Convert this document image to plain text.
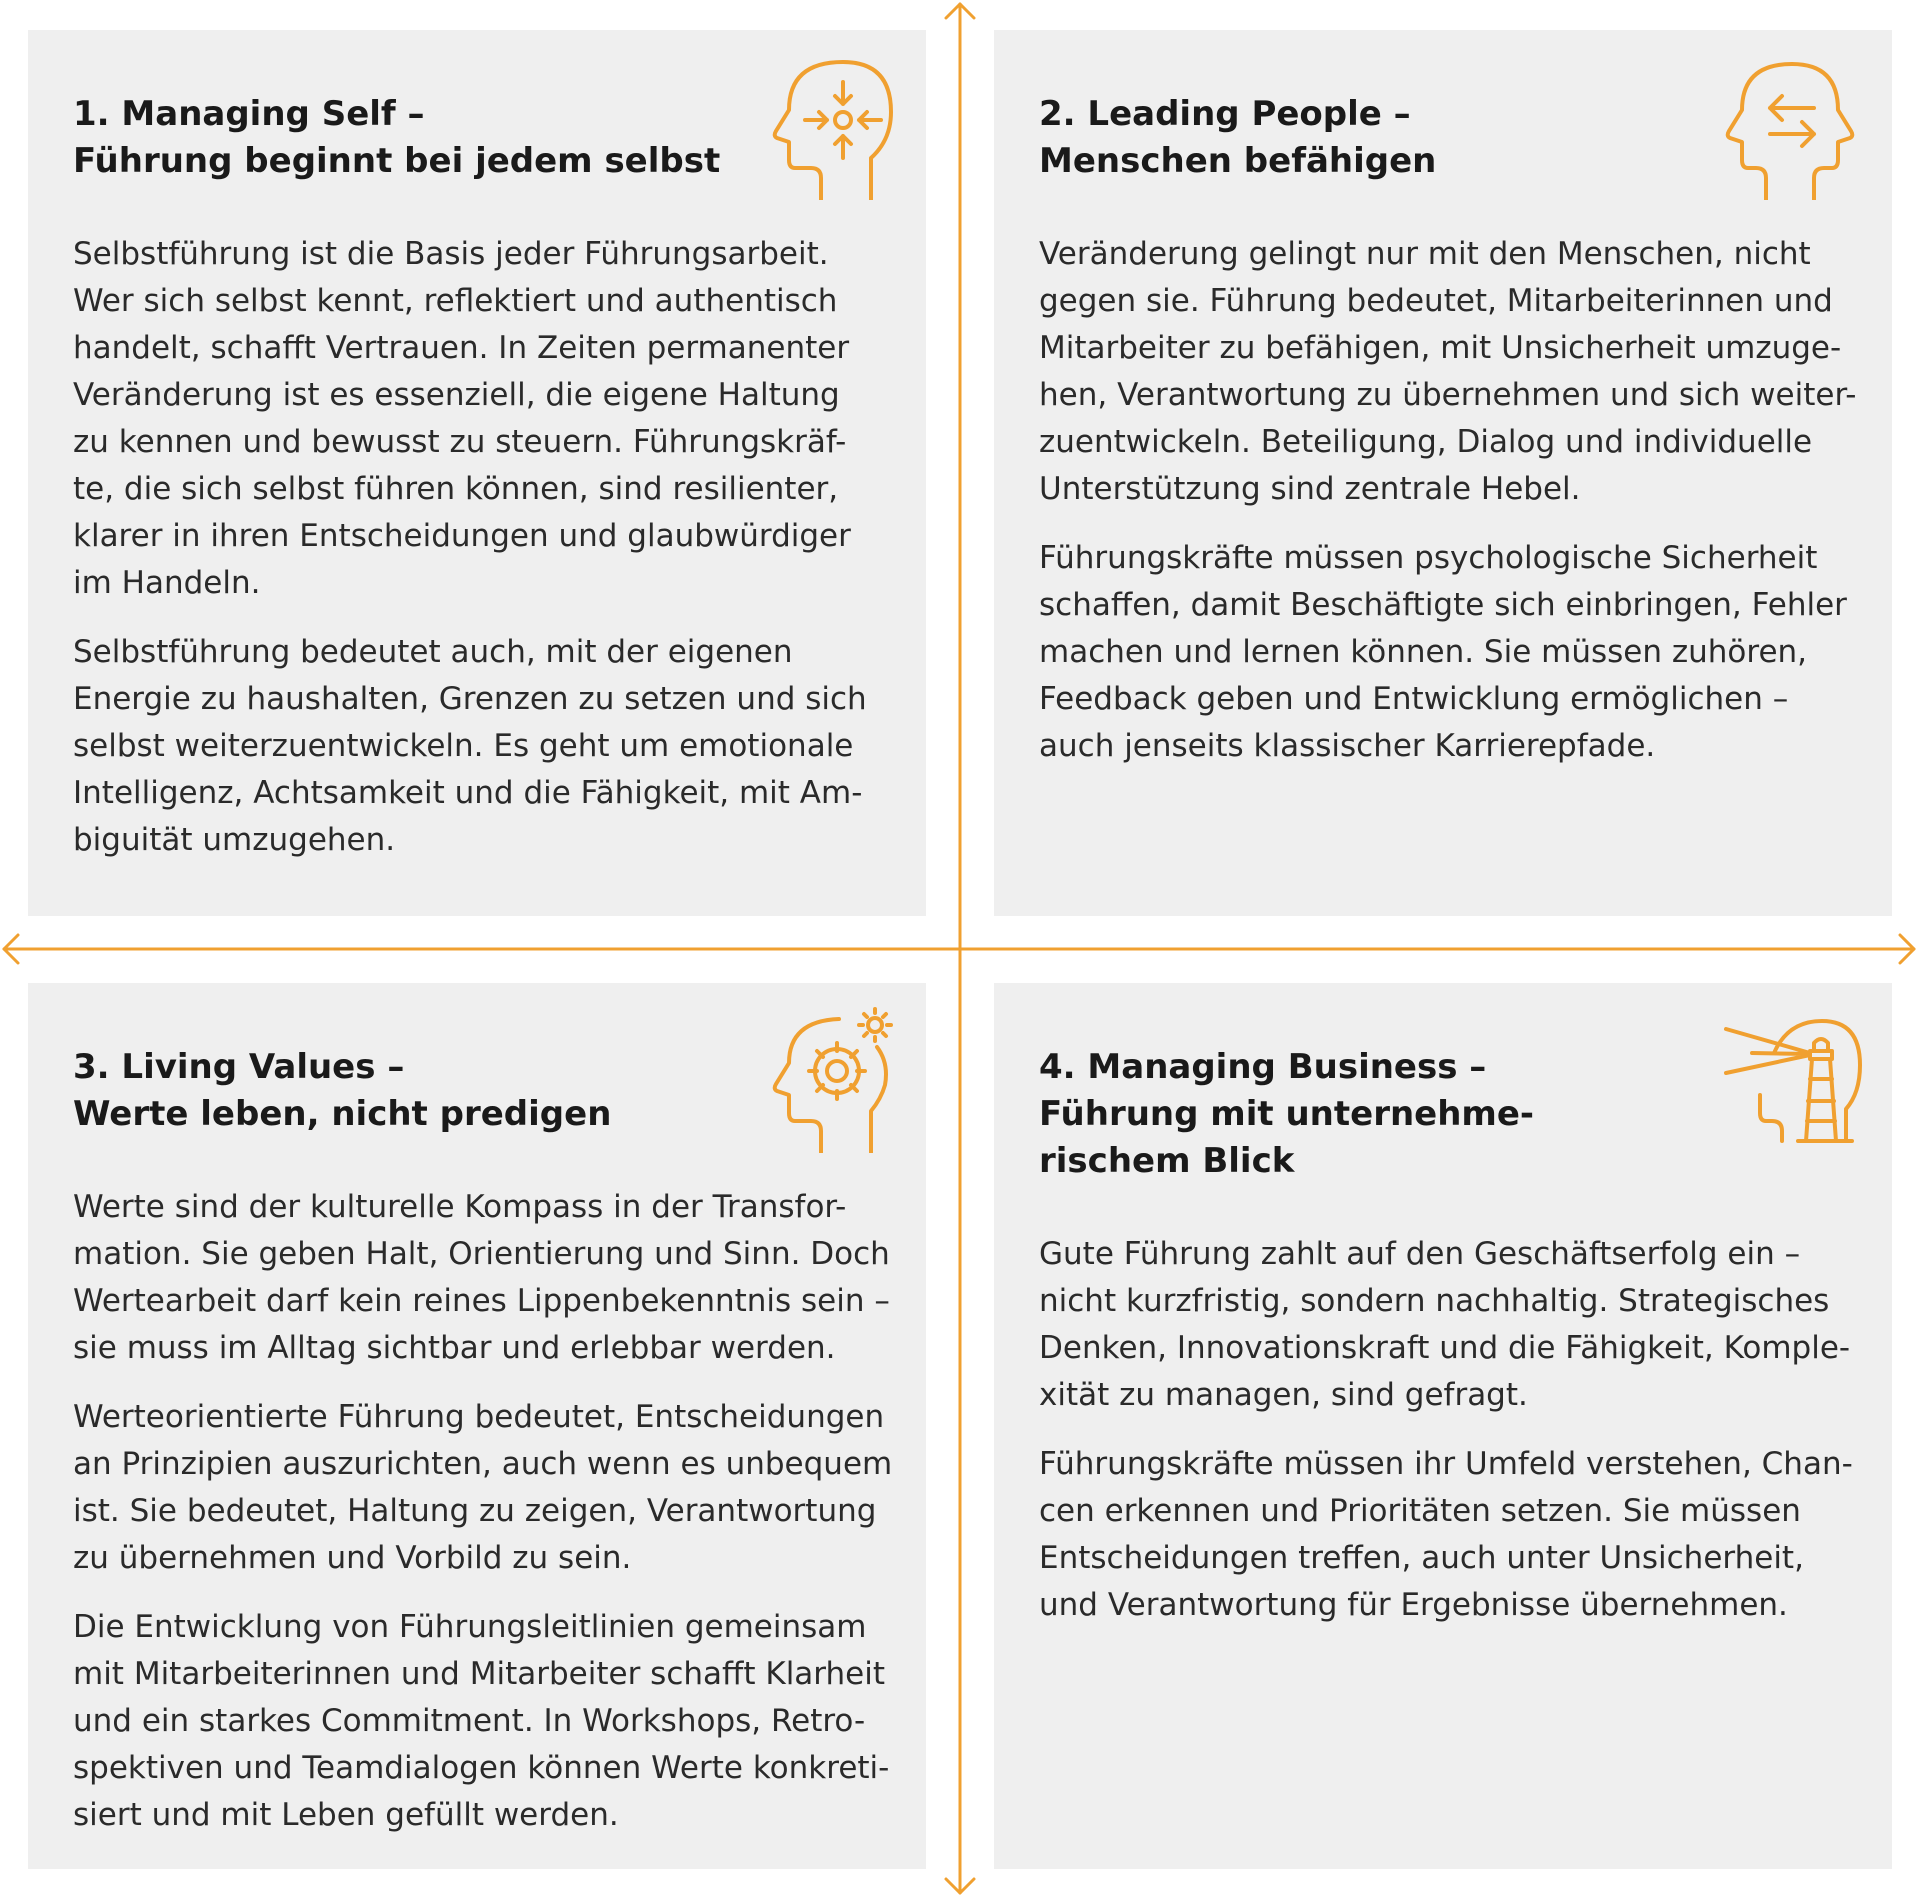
1. Managing Self –
Führung beginnt bei jedem selbst

Selbstführung ist die Basis jeder Führungsarbeit.
Wer sich selbst kennt, reflektiert und authentisch
handelt, schafft Vertrauen. In Zeiten permanenter
Veränderung ist es essenziell, die eigene Haltung
zu kennen und bewusst zu steuern. Führungskräf-
te, die sich selbst führen können, sind resilienter,
klarer in ihren Entscheidungen und glaubwürdiger
im Handeln.

Selbstführung bedeutet auch, mit der eigenen
Energie zu haushalten, Grenzen zu setzen und sich
selbst weiterzuentwickeln. Es geht um emotionale
Intelligenz, Achtsamkeit und die Fähigkeit, mit Am-
biguität umzugehen.

2. Leading People –
Menschen befähigen

Veränderung gelingt nur mit den Menschen, nicht
gegen sie. Führung bedeutet, Mitarbeiterinnen und
Mitarbeiter zu befähigen, mit Unsicherheit umzuge-
hen, Verantwortung zu übernehmen und sich weiter-
zuentwickeln. Beteiligung, Dialog und individuelle
Unterstützung sind zentrale Hebel.

Führungskräfte müssen psychologische Sicherheit
schaffen, damit Beschäftigte sich einbringen, Fehler
machen und lernen können. Sie müssen zuhören,
Feedback geben und Entwicklung ermöglichen –
auch jenseits klassischer Karrierepfade.

3. Living Values –
Werte leben, nicht predigen

Werte sind der kulturelle Kompass in der Transfor-
mation. Sie geben Halt, Orientierung und Sinn. Doch
Wertearbeit darf kein reines Lippenbekenntnis sein –
sie muss im Alltag sichtbar und erlebbar werden.

Werteorientierte Führung bedeutet, Entscheidungen
an Prinzipien auszurichten, auch wenn es unbequem
ist. Sie bedeutet, Haltung zu zeigen, Verantwortung
zu übernehmen und Vorbild zu sein.

Die Entwicklung von Führungsleitlinien gemeinsam
mit Mitarbeiterinnen und Mitarbeiter schafft Klarheit
und ein starkes Commitment. In Workshops, Retro-
spektiven und Teamdialogen können Werte konkreti-
siert und mit Leben gefüllt werden.

4. Managing Business –
Führung mit unternehme-
rischem Blick

Gute Führung zahlt auf den Geschäftserfolg ein –
nicht kurzfristig, sondern nachhaltig. Strategisches
Denken, Innovationskraft und die Fähigkeit, Komple-
xität zu managen, sind gefragt.

Führungskräfte müssen ihr Umfeld verstehen, Chan-
cen erkennen und Prioritäten setzen. Sie müssen
Entscheidungen treffen, auch unter Unsicherheit,
und Verantwortung für Ergebnisse übernehmen.
